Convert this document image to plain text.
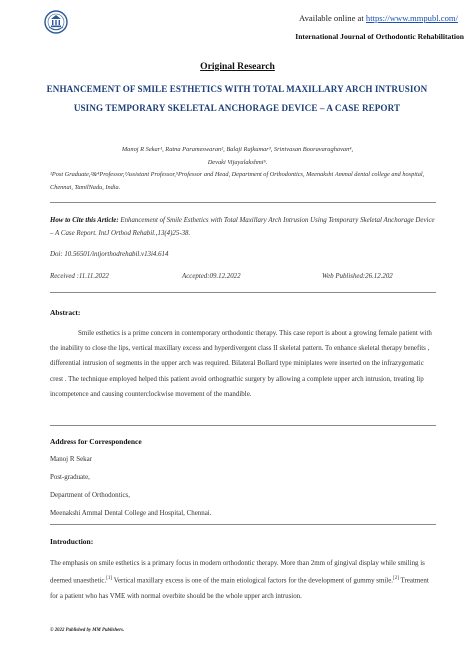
Available online at https://www.mmpubl.com/
International Journal of Orthodontic Rehabilitation
Original Research
ENHANCEMENT OF SMILE ESTHETICS WITH TOTAL MAXILLARY ARCH INTRUSION USING TEMPORARY SKELETAL ANCHORAGE DEVICE – A CASE REPORT
Manoj R Sekar¹, Ratna Parameswaran², Balaji Rajkumar³, Srinivasan Booravaraghavan⁴,
Devaki Vijayalakshmi⁵.
¹Post Graduate,²&⁴Professor,³Assistant Professor,⁵Professor and Head, Department of Orthodontics, Meenakshi Ammal dental college and hospital, Chennai, TamilNadu, India.
How to Cite this Article: Enhancement of Smile Esthetics with Total Maxillary Arch Intrusion Using Temporary Skeletal Anchorage Device – A Case Report. IntJ Orthod Rehabil.,13(4)25-38.
Doi: 10.56501/intjorthodrehabil.v13i4.614
Received :11.11.2022	Accepted:09.12.2022	Web Published:26.12.202
Abstract:
Smile esthetics is a prime concern in contemporary orthodontic therapy. This case report is about a growing female patient with the inability to close the lips, vertical maxillary excess and hyperdivergent class II skeletal pattern. To enhance skeletal therapy benefits , differential intrusion of segments in the upper arch was required. Bilateral Bollard type miniplates were inserted on the infrazygomatic crest . The technique employed helped this patient avoid orthognathic surgery by allowing a complete upper arch intrusion, treating lip incompetence and causing counterclockwise movement of the mandible.
Address for Correspondence
Manoj R Sekar
Post-graduate,
Department of Orthodontics,
Meenakshi Ammal Dental College and Hospital, Chennai.
Introduction:
The emphasis on smile esthetics is a primary focus in modern orthodontic therapy. More than 2mm of gingival display while smiling is deemed unaesthetic.[1] Vertical maxillary excess is one of the main etiological factors for the development of gummy smile.[2] Treatment for a patient who has VME with normal overbite should be the whole upper arch intrusion.
© 2022 Published by MM Publishers.
